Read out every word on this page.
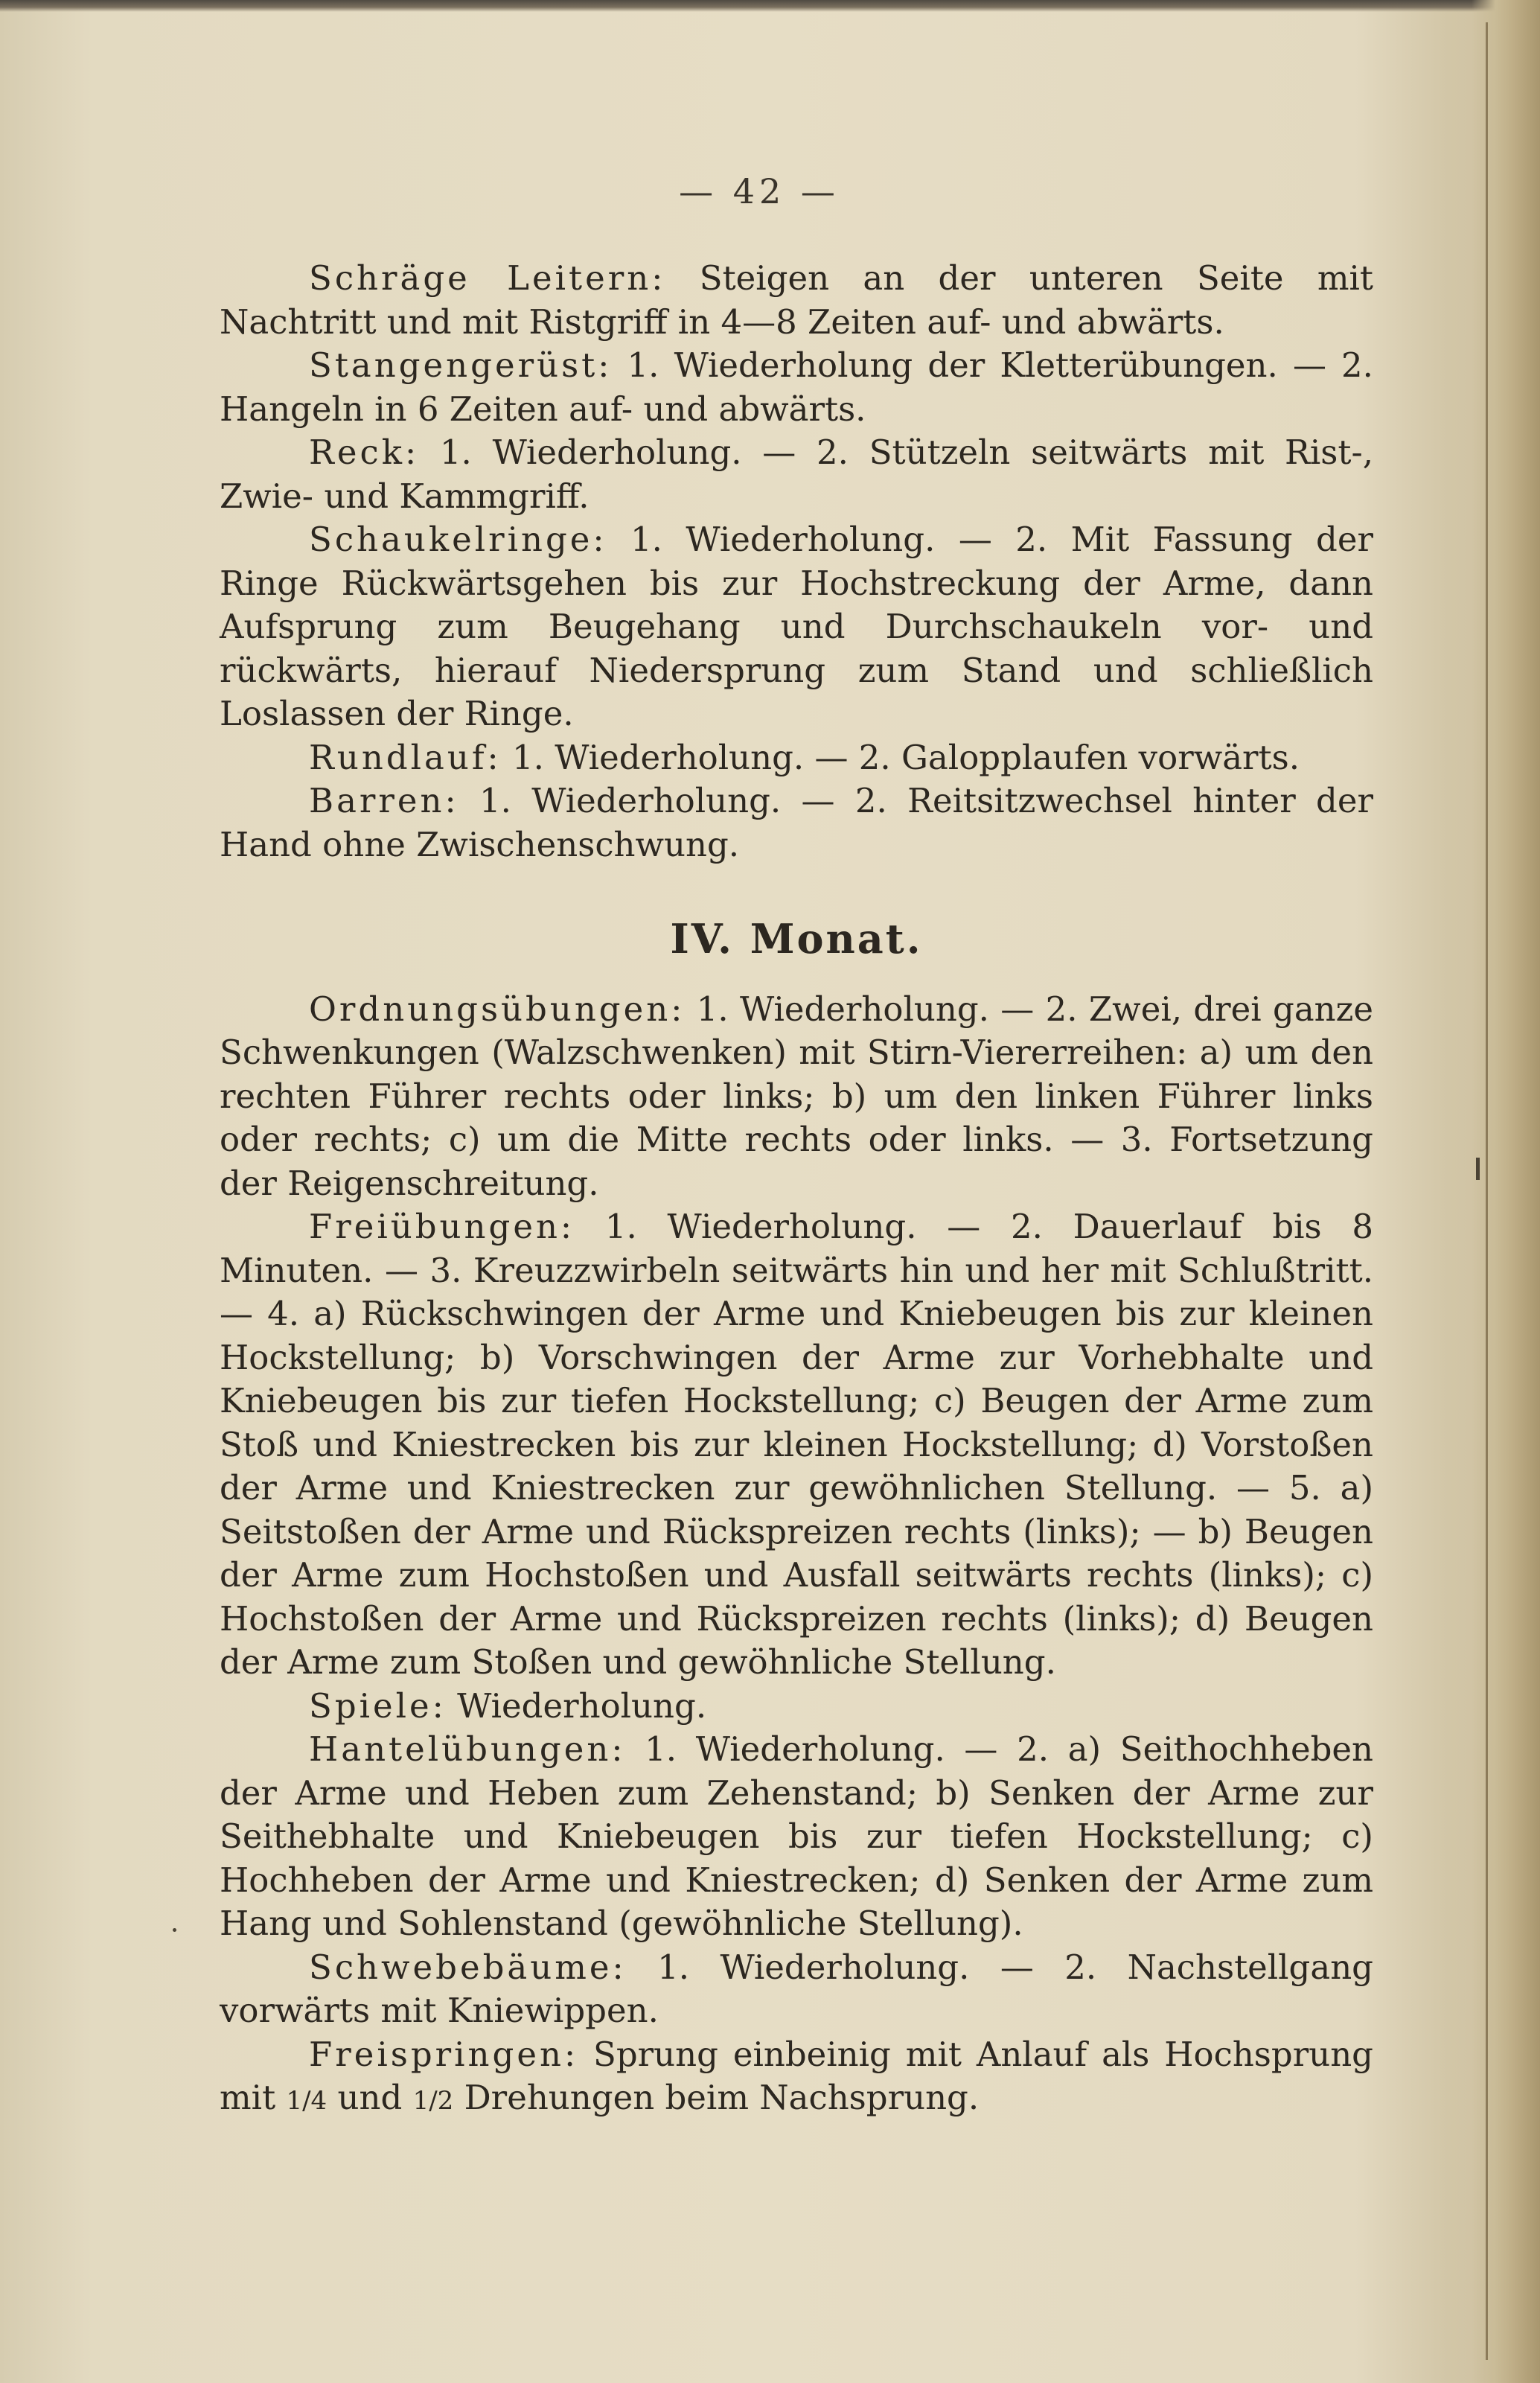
— 42 —

Schräge Leitern: Steigen an der unteren Seite mit Nachtritt und mit Ristgriff in 4—8 Zeiten auf- und abwärts.

Stangengerüst: 1. Wiederholung der Kletterübungen. — 2. Hangeln in 6 Zeiten auf- und abwärts.

Reck: 1. Wiederholung. — 2. Stützeln seitwärts mit Rist-, Zwie- und Kammgriff.

Schaukelringe: 1. Wiederholung. — 2. Mit Fassung der Ringe Rückwärtsgehen bis zur Hochstreckung der Arme, dann Aufsprung zum Beugehang und Durchschaukeln vor- und rückwärts, hierauf Niedersprung zum Stand und schließlich Loslassen der Ringe.

Rundlauf: 1. Wiederholung. — 2. Galopplaufen vorwärts.

Barren: 1. Wiederholung. — 2. Reitsitzwechsel hinter der Hand ohne Zwischenschwung.

IV. Monat.

Ordnungsübungen: 1. Wiederholung. — 2. Zwei, drei ganze Schwenkungen (Walzschwenken) mit Stirn-Viererreihen: a) um den rechten Führer rechts oder links; b) um den linken Führer links oder rechts; c) um die Mitte rechts oder links. — 3. Fortsetzung der Reigenschreitung.

Freiübungen: 1. Wiederholung. — 2. Dauerlauf bis 8 Minuten. — 3. Kreuzzwirbeln seitwärts hin und her mit Schlußtritt. — 4. a) Rückschwingen der Arme und Kniebeugen bis zur kleinen Hockstellung; b) Vorschwingen der Arme zur Vorhebhalte und Kniebeugen bis zur tiefen Hockstellung; c) Beugen der Arme zum Stoß und Kniestrecken bis zur kleinen Hockstellung; d) Vorstoßen der Arme und Kniestrecken zur gewöhnlichen Stellung. — 5. a) Seitstoßen der Arme und Rückspreizen rechts (links); — b) Beugen der Arme zum Hochstoßen und Ausfall seitwärts rechts (links); c) Hochstoßen der Arme und Rückspreizen rechts (links); d) Beugen der Arme zum Stoßen und gewöhnliche Stellung.

Spiele: Wiederholung.

Hantelübungen: 1. Wiederholung. — 2. a) Seithochheben der Arme und Heben zum Zehenstand; b) Senken der Arme zur Seithebhalte und Kniebeugen bis zur tiefen Hockstellung; c) Hochheben der Arme und Kniestrecken; d) Senken der Arme zum Hang und Sohlenstand (gewöhnliche Stellung).

Schwebebäume: 1. Wiederholung. — 2. Nachstellgang vorwärts mit Kniewippen.

Freispringen: Sprung einbeinig mit Anlauf als Hochsprung mit 1/4 und 1/2 Drehungen beim Nachsprung.
